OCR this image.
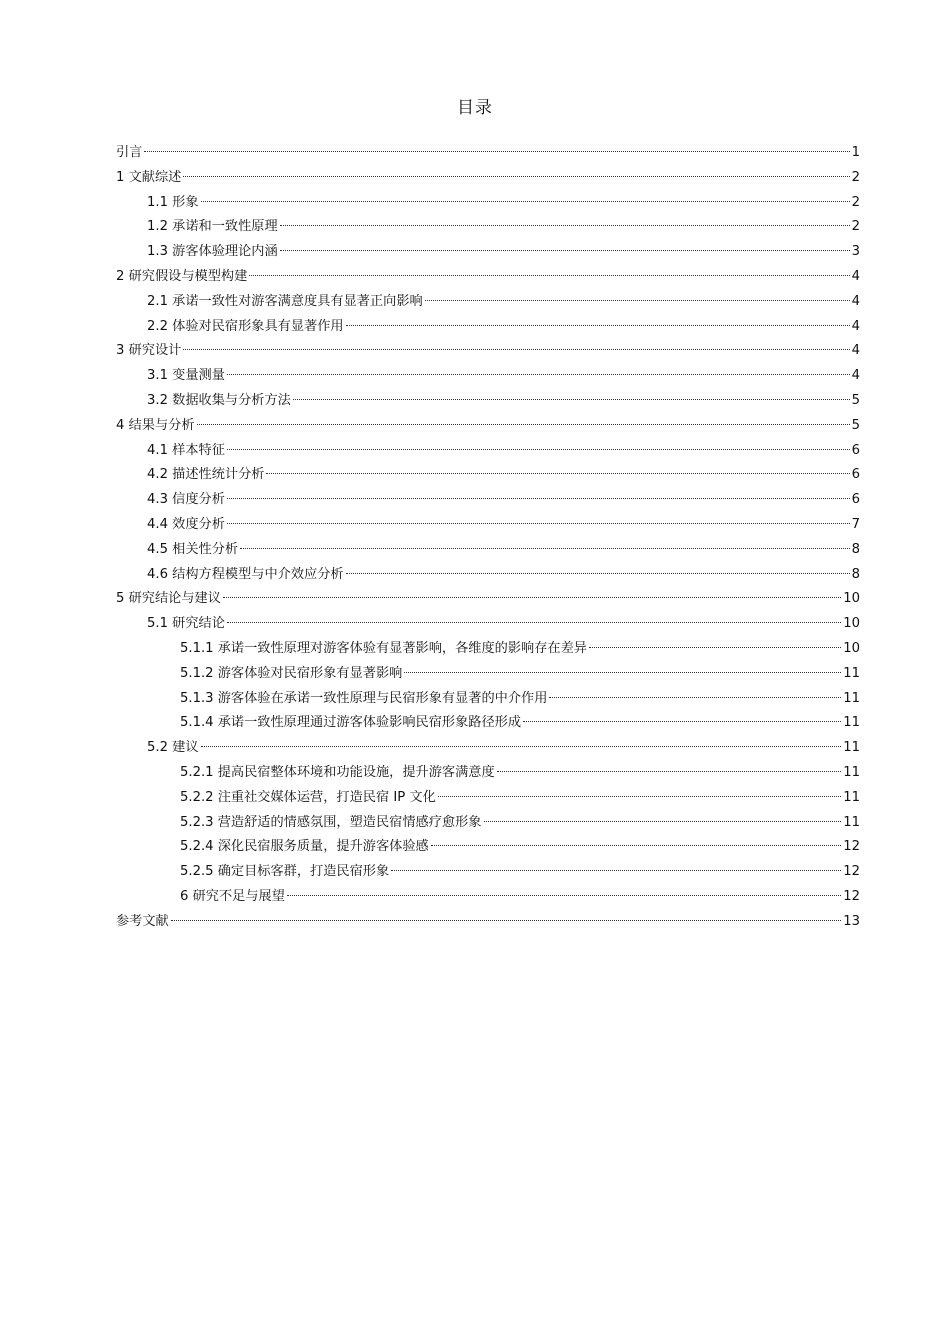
目录
引言	1
1 文献综述	2
1.1 形象	2
1.2 承诺和一致性原理	2
1.3 游客体验理论内涵	3
2 研究假设与模型构建	4
2.1 承诺一致性对游客满意度具有显著正向影响	4
2.2 体验对民宿形象具有显著作用	4
3 研究设计	4
3.1 变量测量	4
3.2 数据收集与分析方法	5
4 结果与分析	5
4.1 样本特征	6
4.2 描述性统计分析	6
4.3 信度分析	6
4.4 效度分析	7
4.5 相关性分析	8
4.6 结构方程模型与中介效应分析	8
5 研究结论与建议	10
5.1 研究结论	10
5.1.1 承诺一致性原理对游客体验有显著影响，各维度的影响存在差异	10
5.1.2 游客体验对民宿形象有显著影响	11
5.1.3 游客体验在承诺一致性原理与民宿形象有显著的中介作用	11
5.1.4 承诺一致性原理通过游客体验影响民宿形象路径形成	11
5.2 建议	11
5.2.1 提高民宿整体环境和功能设施，提升游客满意度	11
5.2.2 注重社交媒体运营，打造民宿 IP 文化	11
5.2.3 营造舒适的情感氛围，塑造民宿情感疗愈形象	11
5.2.4 深化民宿服务质量，提升游客体验感	12
5.2.5 确定目标客群，打造民宿形象	12
6 研究不足与展望	12
参考文献	13
